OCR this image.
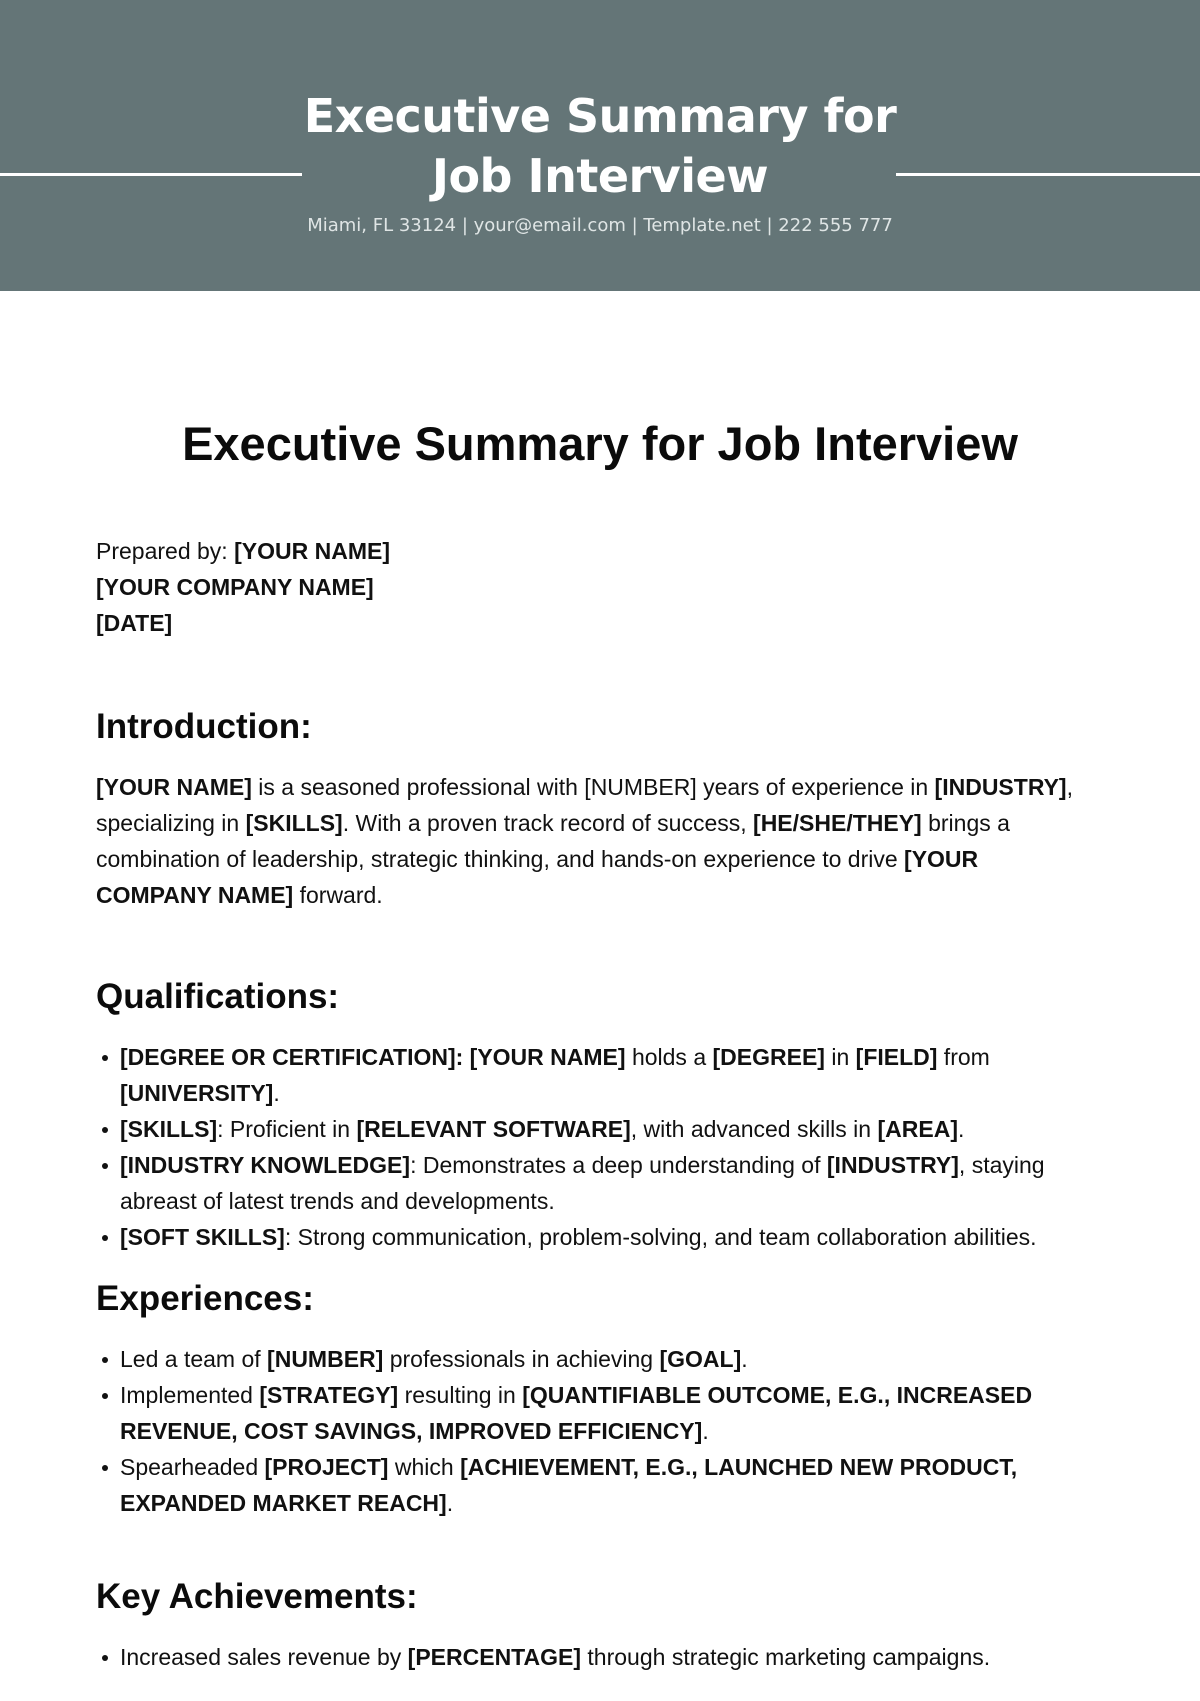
Executive Summary for
Job Interview
Miami, FL 33124 | your@email.com | Template.net | 222 555 777
Executive Summary for Job Interview

Prepared by: [YOUR NAME]

[YOUR COMPANY NAME]

[DATE]

Introduction:

[YOUR NAME] is a seasoned professional with [NUMBER] years of experience in [INDUSTRY], specializing in [SKILLS]. With a proven track record of success, [HE/SHE/THEY] brings a combination of leadership, strategic thinking, and hands-on experience to drive [YOUR COMPANY NAME] forward.

Qualifications:
[DEGREE OR CERTIFICATION]: [YOUR NAME] holds a [DEGREE] in [FIELD] from [UNIVERSITY].
[SKILLS]: Proficient in [RELEVANT SOFTWARE], with advanced skills in [AREA].
[INDUSTRY KNOWLEDGE]: Demonstrates a deep understanding of [INDUSTRY], staying abreast of latest trends and developments.
[SOFT SKILLS]: Strong communication, problem-solving, and team collaboration abilities.
Experiences:
Led a team of [NUMBER] professionals in achieving [GOAL].
Implemented [STRATEGY] resulting in [QUANTIFIABLE OUTCOME, E.G., INCREASED REVENUE, COST SAVINGS, IMPROVED EFFICIENCY].
Spearheaded [PROJECT] which [ACHIEVEMENT, E.G., LAUNCHED NEW PRODUCT, EXPANDED MARKET REACH].
Key Achievements:
Increased sales revenue by [PERCENTAGE] through strategic marketing campaigns.
